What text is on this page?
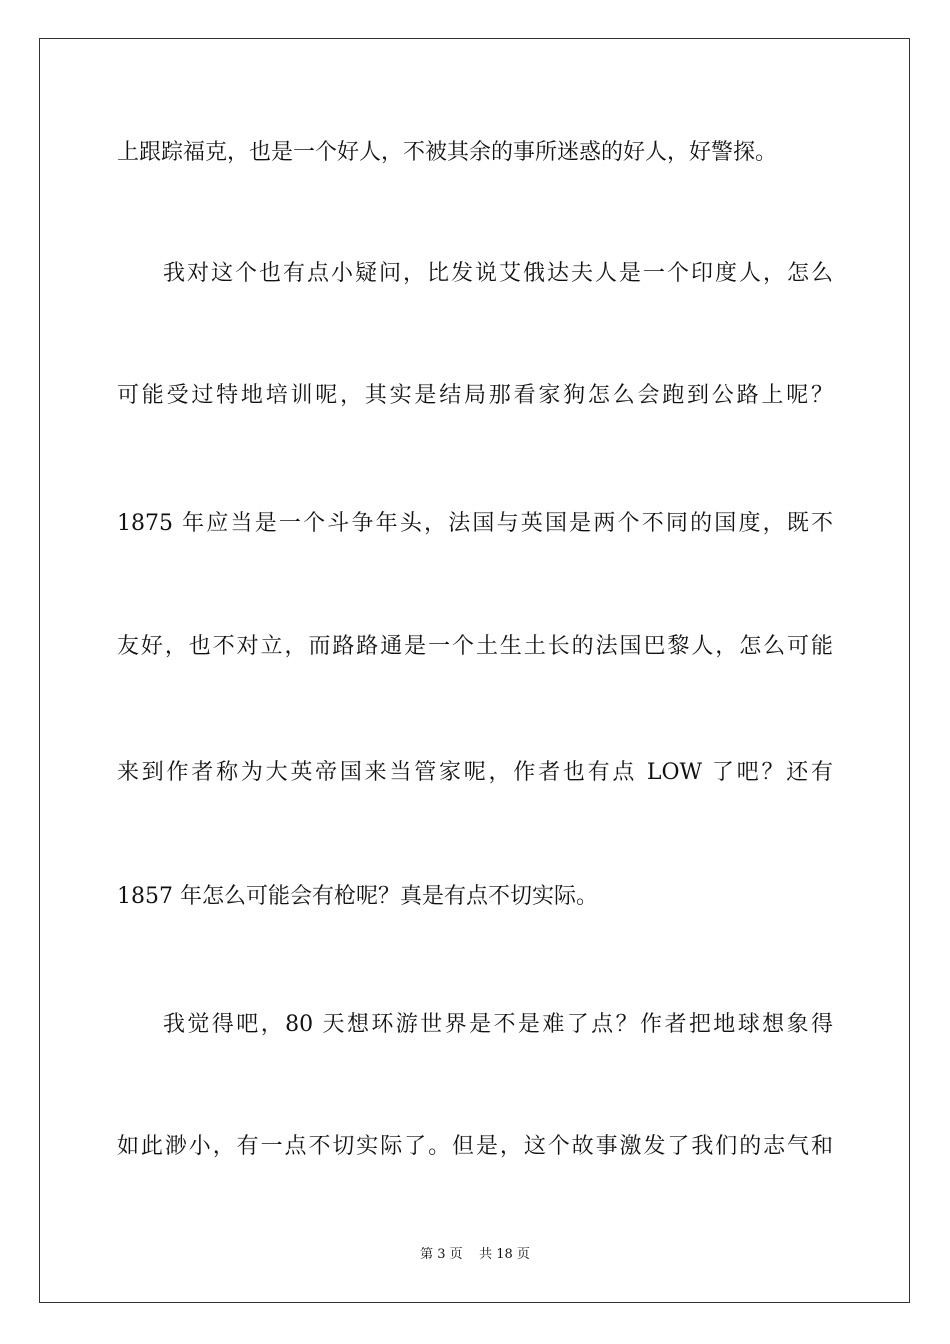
上跟踪福克，也是一个好人，不被其余的事所迷惑的好人，好警探。
我对这个也有点小疑问，比发说艾俄达夫人是一个印度人，怎么
可能受过特地培训呢，其实是结局那看家狗怎么会跑到公路上呢？
1875 年应当是一个斗争年头，法国与英国是两个不同的国度，既不
友好，也不对立，而路路通是一个土生土长的法国巴黎人，怎么可能
来到作者称为大英帝国来当管家呢，作者也有点 LOW 了吧？还有
1857 年怎么可能会有枪呢？真是有点不切实际。
我觉得吧，80 天想环游世界是不是难了点？作者把地球想象得
如此渺小，有一点不切实际了。但是，这个故事激发了我们的志气和
第 3 页    共 18 页
